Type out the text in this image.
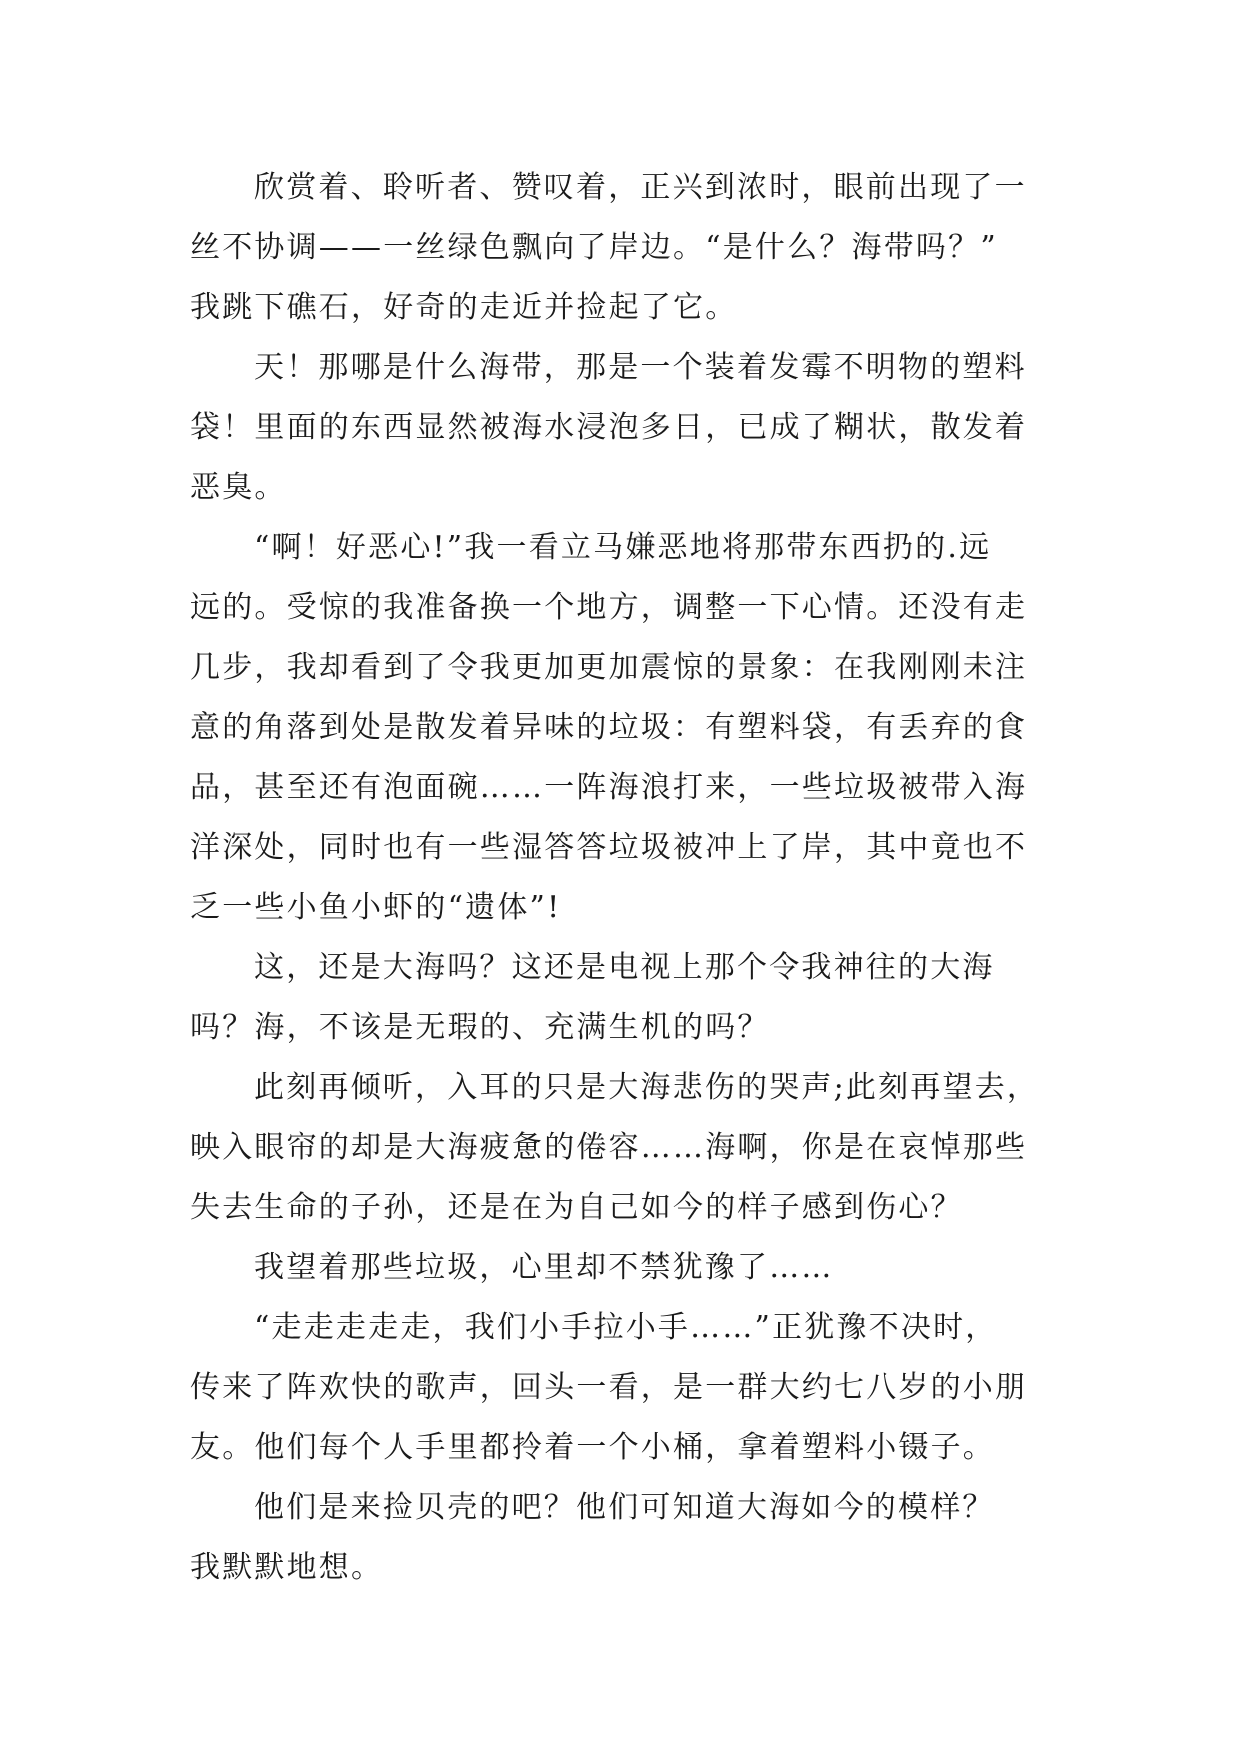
欣赏着、聆听者、赞叹着，正兴到浓时，眼前出现了一
丝不协调——一丝绿色飘向了岸边。“是什么？海带吗？”
我跳下礁石，好奇的走近并捡起了它。
天！那哪是什么海带，那是一个装着发霉不明物的塑料
袋！里面的东西显然被海水浸泡多日，已成了糊状，散发着
恶臭。
“啊！好恶心!”我一看立马嫌恶地将那带东西扔的.远
远的。受惊的我准备换一个地方，调整一下心情。还没有走
几步，我却看到了令我更加更加震惊的景象：在我刚刚未注
意的角落到处是散发着异味的垃圾：有塑料袋，有丢弃的食
品，甚至还有泡面碗……一阵海浪打来，一些垃圾被带入海
洋深处，同时也有一些湿答答垃圾被冲上了岸，其中竟也不
乏一些小鱼小虾的“遗体”!
这，还是大海吗？这还是电视上那个令我神往的大海
吗？海，不该是无瑕的、充满生机的吗？
此刻再倾听，入耳的只是大海悲伤的哭声;此刻再望去，
映入眼帘的却是大海疲惫的倦容……海啊，你是在哀悼那些
失去生命的子孙，还是在为自己如今的样子感到伤心？
我望着那些垃圾，心里却不禁犹豫了……
“走走走走走，我们小手拉小手……”正犹豫不决时，
传来了阵欢快的歌声，回头一看，是一群大约七八岁的小朋
友。他们每个人手里都拎着一个小桶，拿着塑料小镊子。
他们是来捡贝壳的吧？他们可知道大海如今的模样？
我默默地想。
